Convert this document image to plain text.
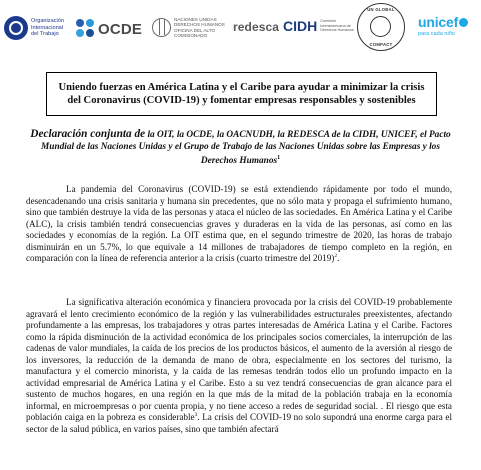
Organización
Internacional
del Trabajo	OCDE
NACIONES UNIDAS
DERECHOS HUMANOS
OFICINA DEL ALTO COMISIONADO
redesca CIDH Comisión
Interamericana de
Derechos Humanos
UN GLOBAL
COMPACT
unicef
para cada niño

Uniendo fuerzas en América Latina y el Caribe para ayudar a minimizar la crisis del Coronavirus (COVID-19) y fomentar empresas responsables y sostenibles

Declaración conjunta de la OIT, la OCDE, la OACNUDH, la REDESCA de la CIDH, UNICEF, el Pacto Mundial de las Naciones Unidas y el Grupo de Trabajo de las Naciones Unidas sobre las Empresas y los Derechos Humanos$^1$

La pandemia del Coronavirus (COVID-19) se está extendiendo rápidamente por todo el mundo, desencadenando una crisis sanitaria y humana sin precedentes, que no sólo mata y propaga el sufrimiento humano, sino que también destruye la vida de las personas y ataca el núcleo de las sociedades. En América Latina y el Caribe (ALC), la crisis también tendrá consecuencias graves y duraderas en la vida de las personas, así como en las sociedades y economías de la región. La OIT estima que, en el segundo trimestre de 2020, las horas de trabajo disminuirán en un 5.7%, lo que equivale a 14 millones de trabajadores de tiempo completo en la región, en comparación con la línea de referencia anterior a la crisis (cuarto trimestre del 2019)$^2$.

La significativa alteración económica y financiera provocada por la crisis del COVID-19 probablemente agravará el lento crecimiento económico de la región y las vulnerabilidades estructurales preexistentes, afectando profundamente a las empresas, los trabajadores y otras partes interesadas de América Latina y el Caribe. Factores como la rápida disminución de la actividad económica de los principales socios comerciales, la interrupción de las cadenas de valor mundiales, la caída de los precios de los productos básicos, el aumento de la aversión al riesgo de los inversores, la reducción de la demanda de mano de obra, especialmente en los sectores del turismo, la manufactura y el comercio minorista, y la caída de las remesas tendrán todos ello un profundo impacto en la actividad empresarial de América Latina y el Caribe. Esto a su vez tendrá consecuencias de gran alcance para el sustento de muchos hogares, en una región en la que más de la mitad de la población trabaja en la economía informal, en microempresas o por cuenta propia, y no tiene acceso a redes de seguridad social. . El riesgo que esta población caiga en la pobreza es considerable$^3$. La crisis del COVID-19 no solo supondrá una enorme carga para el sector de la salud pública, en varios países, sino que también afectará
